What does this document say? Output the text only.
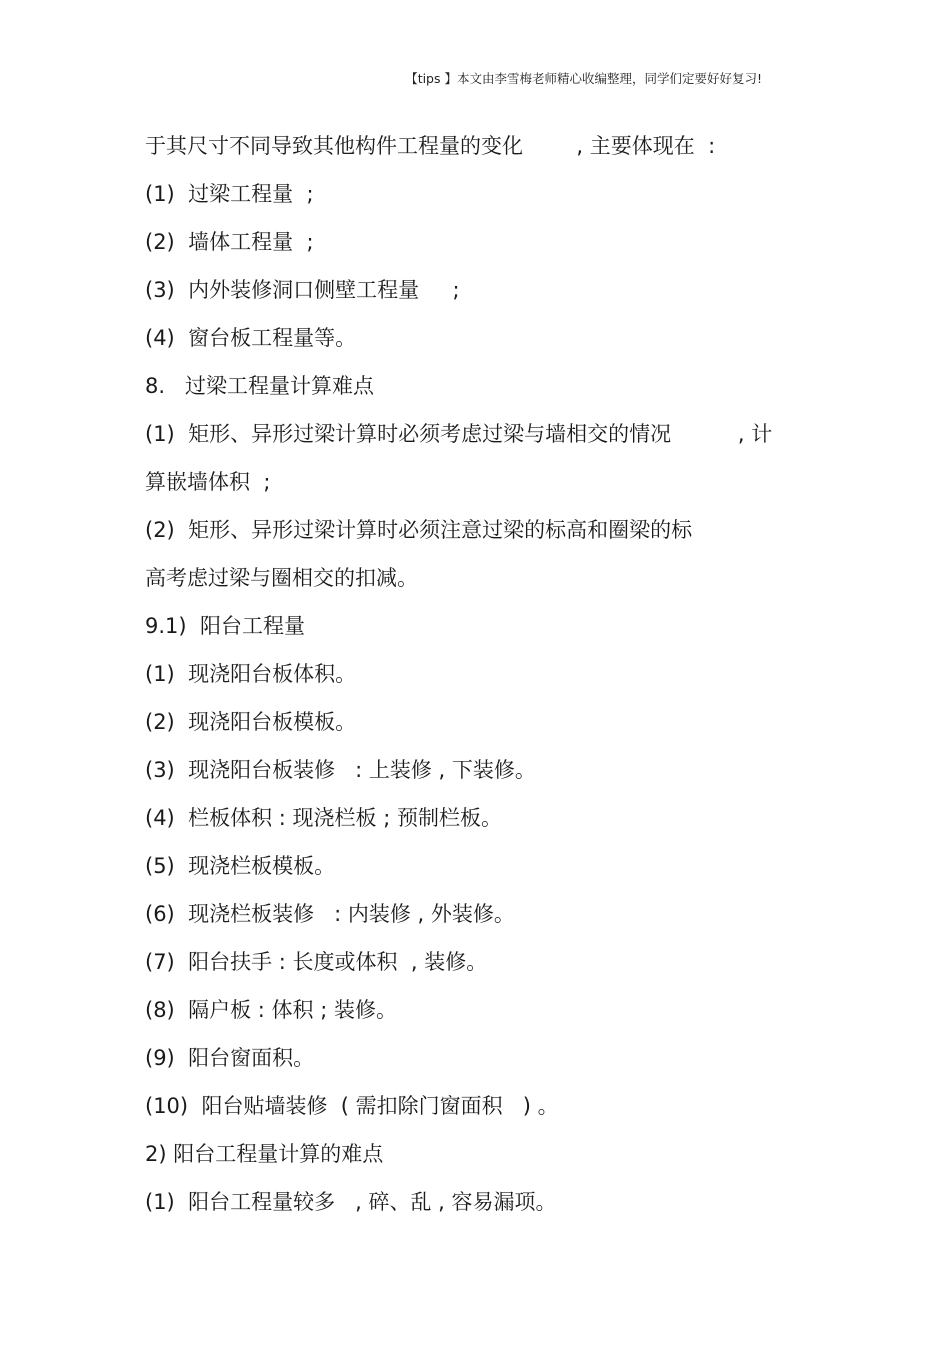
【tips 】本文由李雪梅老师精心收编整理，同学们定要好好复习!
于其尺寸不同导致其他构件工程量的变化        , 主要体现在  :
(1)  过梁工程量  ;
(2)  墙体工程量  ;
(3)  内外装修洞口侧壁工程量     ;
(4)  窗台板工程量等。
8.   过梁工程量计算难点
(1)  矩形、异形过梁计算时必须考虑过梁与墙相交的情况          , 计
算嵌墙体积  ;
(2)  矩形、异形过梁计算时必须注意过梁的标高和圈梁的标
高考虑过梁与圈相交的扣减。
9.1)  阳台工程量
(1)  现浇阳台板体积。
(2)  现浇阳台板模板。
(3)  现浇阳台板装修   : 上装修 , 下装修。
(4)  栏板体积 : 现浇栏板 ; 预制栏板。
(5)  现浇栏板模板。
(6)  现浇栏板装修   : 内装修 , 外装修。
(7)  阳台扶手 : 长度或体积  , 装修。
(8)  隔户板 : 体积 ; 装修。
(9)  阳台窗面积。
(10)  阳台贴墙装修  ( 需扣除门窗面积   ) 。
2) 阳台工程量计算的难点
(1)  阳台工程量较多   , 碎、乱 , 容易漏项。
